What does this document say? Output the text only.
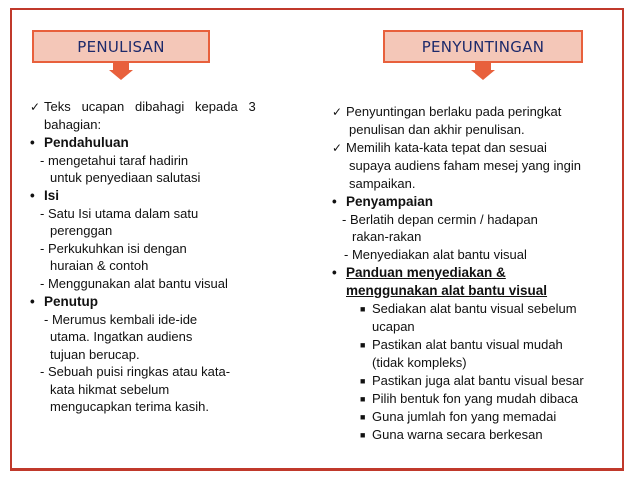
PENULISAN	PENYUNTINGAN
✓ Teks   ucapan   dibahagi   kepada   3
bahagian:
• Pendahuluan
- mengetahui taraf hadirin
untuk penyediaan salutasi
• Isi
- Satu Isi utama dalam satu
perenggan
- Perkukuhkan isi dengan
huraian & contoh
- Menggunakan alat bantu visual
• Penutup
- Merumus kembali ide-ide
utama. Ingatkan audiens
tujuan berucap.
- Sebuah puisi ringkas atau kata-
kata hikmat sebelum
mengucapkan terima kasih.
✓ Penyuntingan berlaku pada peringkat
penulisan dan akhir penulisan.
✓ Memilih kata-kata tepat dan sesuai
supaya audiens faham mesej yang ingin
sampaikan.
• Penyampaian
- Berlatih depan cermin / hadapan
rakan-rakan
- Menyediakan alat bantu visual
• Panduan menyediakan &
menggunakan alat bantu visual
■ Sediakan alat bantu visual sebelum
ucapan
■ Pastikan alat bantu visual mudah
(tidak kompleks)
■ Pastikan juga alat bantu visual besar
■ Pilih bentuk fon yang mudah dibaca
■ Guna jumlah fon yang memadai
■ Guna warna secara berkesan
